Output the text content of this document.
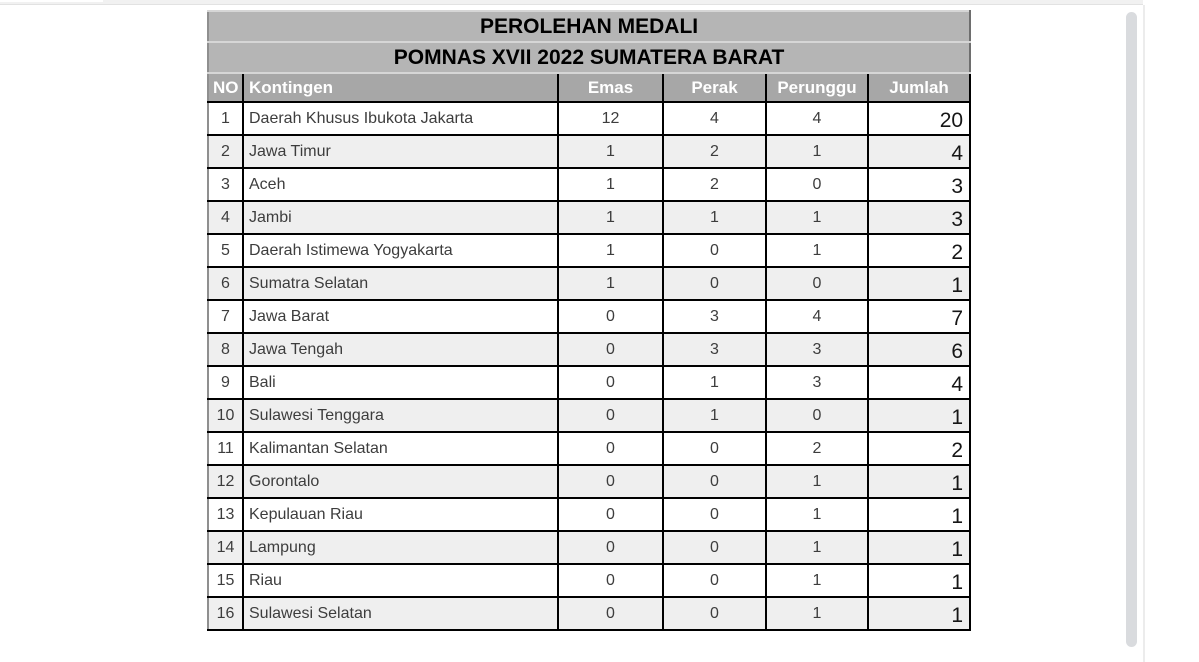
PEROLEHAN MEDALI					
POMNAS XVII 2022 SUMATERA BARAT					
NO	Kontingen	Emas	Perak	Perunggu	Jumlah
1	Daerah Khusus Ibukota Jakarta	12	4	4	20
2	Jawa Timur	1	2	1	4
3	Aceh	1	2	0	3
4	Jambi	1	1	1	3
5	Daerah Istimewa Yogyakarta	1	0	1	2
6	Sumatra Selatan	1	0	0	1
7	Jawa Barat	0	3	4	7
8	Jawa Tengah	0	3	3	6
9	Bali	0	1	3	4
10	Sulawesi Tenggara	0	1	0	1
11	Kalimantan Selatan	0	0	2	2
12	Gorontalo	0	0	1	1
13	Kepulauan Riau	0	0	1	1
14	Lampung	0	0	1	1
15	Riau	0	0	1	1
16	Sulawesi Selatan	0	0	1	1
